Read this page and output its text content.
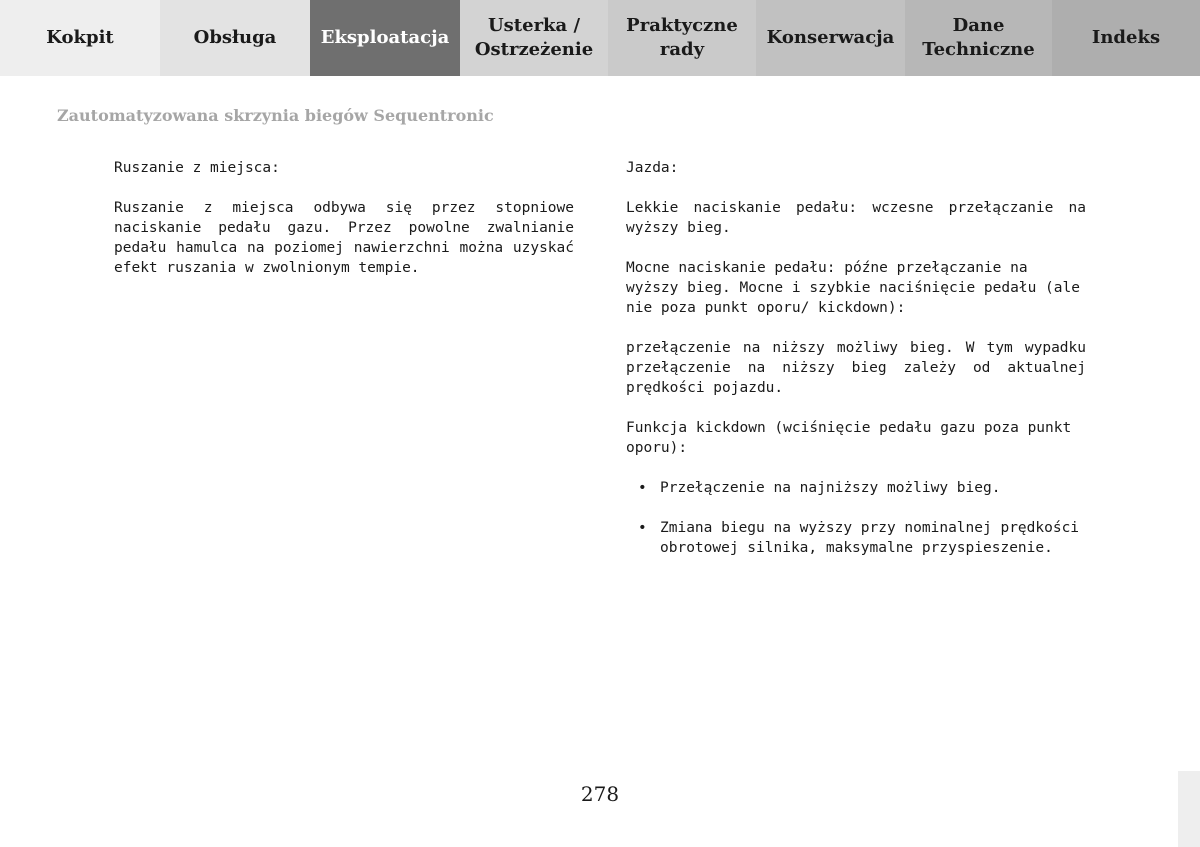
Kokpit	Obsługa	Eksploatacja
Usterka /
Ostrzeżenie
Praktyczne
rady
Konserwacja
Dane
Techniczne
Indeks
Zautomatyzowana skrzynia biegów Sequentronic

Ruszanie z miejsca:

Ruszanie z miejsca odbywa się przez stopniowe naciskanie pedału gazu. Przez powolne zwalnianie pedału hamulca na poziomej nawierzchni można uzyskać efekt ruszania w zwolnionym tempie.

Jazda:

Lekkie naciskanie pedału: wczesne przełączanie na wyższy bieg.

Mocne naciskanie pedału: późne przełączanie na wyższy bieg. Mocne i szybkie naciśnięcie pedału (ale nie poza punkt oporu/ kickdown):

przełączenie na niższy możliwy bieg. W tym wypadku przełączenie na niższy bieg zależy od aktualnej prędkości pojazdu.

Funkcja kickdown (wciśnięcie pedału gazu poza punkt oporu):

• Przełączenie na najniższy możliwy bieg.
• Zmiana biegu na wyższy przy nominalnej prędkości obrotowej silnika, maksymalne przyspieszenie.
278
